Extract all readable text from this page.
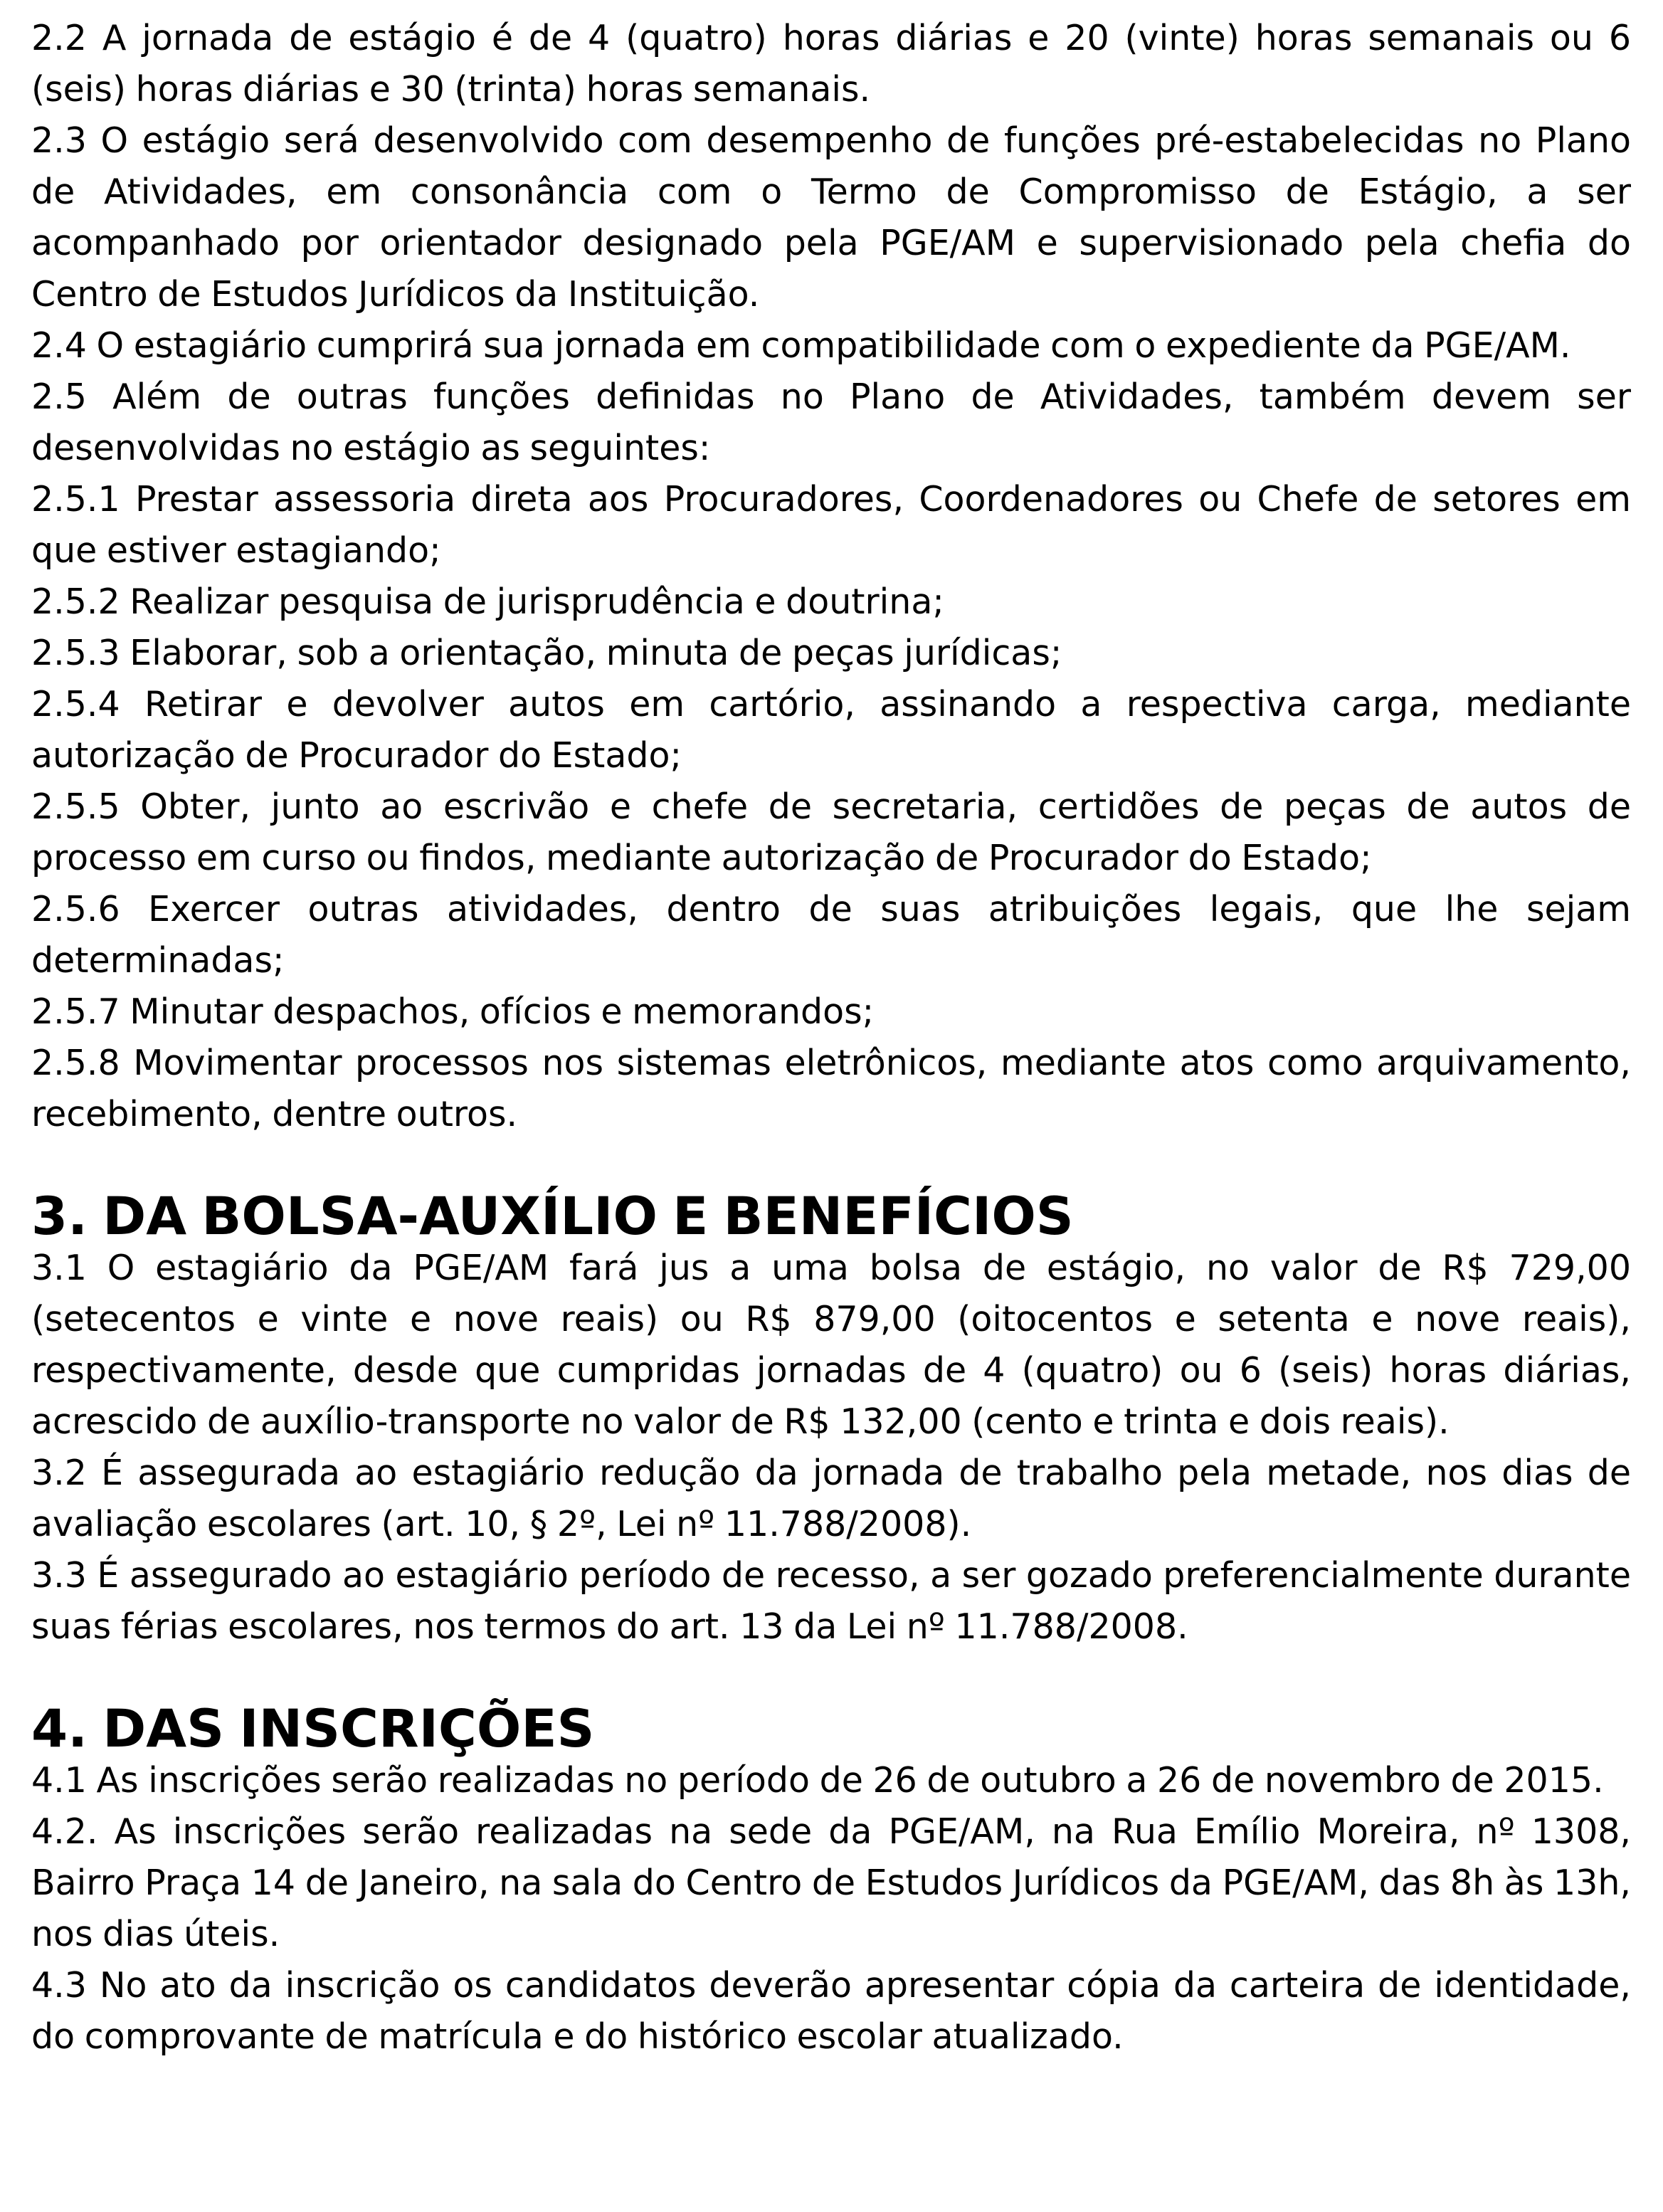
2.2 A jornada de estágio é de 4 (quatro) horas diárias e 20 (vinte) horas semanais ou 6 (seis) horas diárias e 30 (trinta) horas semanais.

2.3 O estágio será desenvolvido com desempenho de funções pré-estabelecidas no Plano de Atividades, em consonância com o Termo de Compromisso de Estágio, a ser acompanhado por orientador designado pela PGE/AM e supervisionado pela chefia do Centro de Estudos Jurídicos da Instituição.

2.4 O estagiário cumprirá sua jornada em compatibilidade com o expediente da PGE/AM.

2.5 Além de outras funções definidas no Plano de Atividades, também devem ser desenvolvidas no estágio as seguintes:

2.5.1 Prestar assessoria direta aos Procuradores, Coordenadores ou Chefe de setores em que estiver estagiando;

2.5.2 Realizar pesquisa de jurisprudência e doutrina;

2.5.3 Elaborar, sob a orientação, minuta de peças jurídicas;

2.5.4 Retirar e devolver autos em cartório, assinando a respectiva carga, mediante autorização de Procurador do Estado;

2.5.5 Obter, junto ao escrivão e chefe de secretaria, certidões de peças de autos de processo em curso ou findos, mediante autorização de Procurador do Estado;

2.5.6 Exercer outras atividades, dentro de suas atribuições legais, que lhe sejam determinadas;

2.5.7 Minutar despachos, ofícios e memorandos;

2.5.8 Movimentar processos nos sistemas eletrônicos, mediante atos como arquivamento, recebimento, dentre outros.

3. DA BOLSA-AUXÍLIO E BENEFÍCIOS

3.1 O estagiário da PGE/AM fará jus a uma bolsa de estágio, no valor de R$ 729,00 (setecentos e vinte e nove reais) ou R$ 879,00 (oitocentos e setenta e nove reais), respectivamente, desde que cumpridas jornadas de 4 (quatro) ou 6 (seis) horas diárias, acrescido de auxílio-transporte no valor de R$ 132,00 (cento e trinta e dois reais).

3.2 É assegurada ao estagiário redução da jornada de trabalho pela metade, nos dias de avaliação escolares (art. 10, § 2º, Lei nº 11.788/2008).

3.3 É assegurado ao estagiário período de recesso, a ser gozado preferencialmente durante suas férias escolares, nos termos do art. 13 da Lei nº 11.788/2008.

4. DAS INSCRIÇÕES

4.1 As inscrições serão realizadas no período de 26 de outubro a 26 de novembro de 2015.

4.2. As inscrições serão realizadas na sede da PGE/AM, na Rua Emílio Moreira, nº 1308, Bairro Praça 14 de Janeiro, na sala do Centro de Estudos Jurídicos da PGE/AM, das 8h às 13h, nos dias úteis.

4.3 No ato da inscrição os candidatos deverão apresentar cópia da carteira de identidade, do comprovante de matrícula e do histórico escolar atualizado.
